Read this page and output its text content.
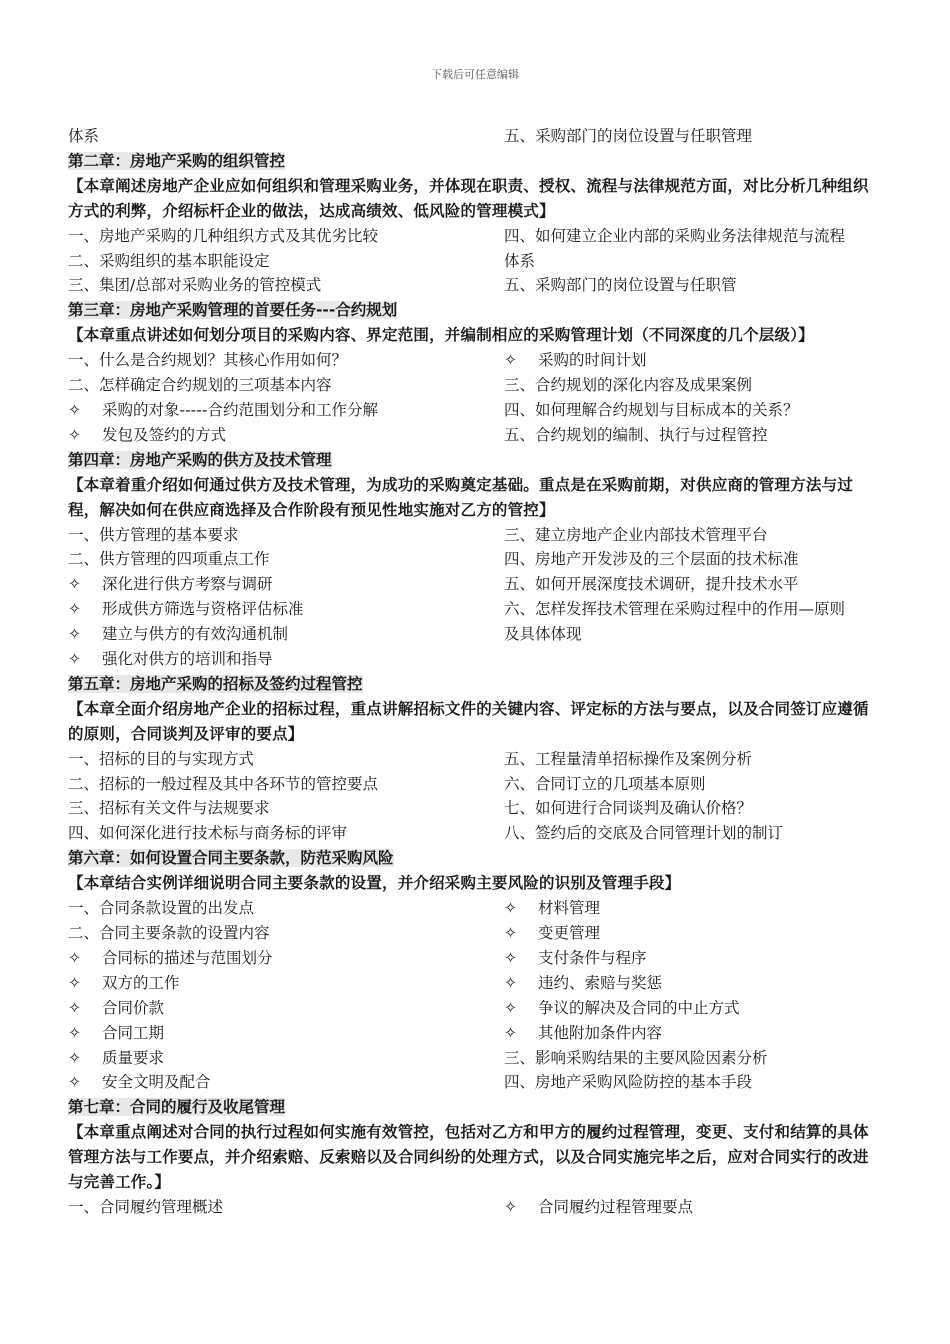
下载后可任意编辑
体系	五、采购部门的岗位设置与任职管理
第二章：房地产采购的组织管控
【本章阐述房地产企业应如何组织和管理采购业务，并体现在职责、授权、流程与法律规范方面，对比分析几种组织方式的利弊，介绍标杆企业的做法，达成高绩效、低风险的管理模式】
一、房地产采购的几种组织方式及其优劣比较	四、如何建立企业内部的采购业务法律规范与流程
二、采购组织的基本职能设定	体系
三、集团/总部对采购业务的管控模式	五、采购部门的岗位设置与任职管
第三章：房地产采购管理的首要任务---合约规划
【本章重点讲述如何划分项目的采购内容、界定范围，并编制相应的采购管理计划（不同深度的几个层级）】
一、什么是合约规划？其核心作用如何？	✧ 采购的时间计划
二、怎样确定合约规划的三项基本内容	三、合约规划的深化内容及成果案例
✧ 采购的对象-----合约范围划分和工作分解	四、如何理解合约规划与目标成本的关系？
✧ 发包及签约的方式	五、合约规划的编制、执行与过程管控
第四章：房地产采购的供方及技术管理
【本章着重介绍如何通过供方及技术管理，为成功的采购奠定基础。重点是在采购前期，对供应商的管理方法与过程，解决如何在供应商选择及合作阶段有预见性地实施对乙方的管控】
一、供方管理的基本要求	三、建立房地产企业内部技术管理平台
二、供方管理的四项重点工作	四、房地产开发涉及的三个层面的技术标准
✧ 深化进行供方考察与调研	五、如何开展深度技术调研，提升技术水平
✧ 形成供方筛选与资格评估标准	六、怎样发挥技术管理在采购过程中的作用—原则
✧ 建立与供方的有效沟通机制	及具体体现
✧ 强化对供方的培训和指导
第五章：房地产采购的招标及签约过程管控
【本章全面介绍房地产企业的招标过程，重点讲解招标文件的关键内容、评定标的方法与要点，以及合同签订应遵循的原则，合同谈判及评审的要点】
一、招标的目的与实现方式	五、工程量清单招标操作及案例分析
二、招标的一般过程及其中各环节的管控要点	六、合同订立的几项基本原则
三、招标有关文件与法规要求	七、如何进行合同谈判及确认价格？
四、如何深化进行技术标与商务标的评审	八、签约后的交底及合同管理计划的制订
第六章：如何设置合同主要条款，防范采购风险
【本章结合实例详细说明合同主要条款的设置，并介绍采购主要风险的识别及管理手段】
一、合同条款设置的出发点	✧ 材料管理
二、合同主要条款的设置内容	✧ 变更管理
✧ 合同标的描述与范围划分	✧ 支付条件与程序
✧ 双方的工作	✧ 违约、索赔与奖惩
✧ 合同价款	✧ 争议的解决及合同的中止方式
✧ 合同工期	✧ 其他附加条件内容
✧ 质量要求	三、影响采购结果的主要风险因素分析
✧ 安全文明及配合	四、房地产采购风险防控的基本手段
第七章：合同的履行及收尾管理
【本章重点阐述对合同的执行过程如何实施有效管控，包括对乙方和甲方的履约过程管理，变更、支付和结算的具体管理方法与工作要点，并介绍索赔、反索赔以及合同纠纷的处理方式，以及合同实施完毕之后，应对合同实行的改进与完善工作。】
一、合同履约管理概述	✧ 合同履约过程管理要点
